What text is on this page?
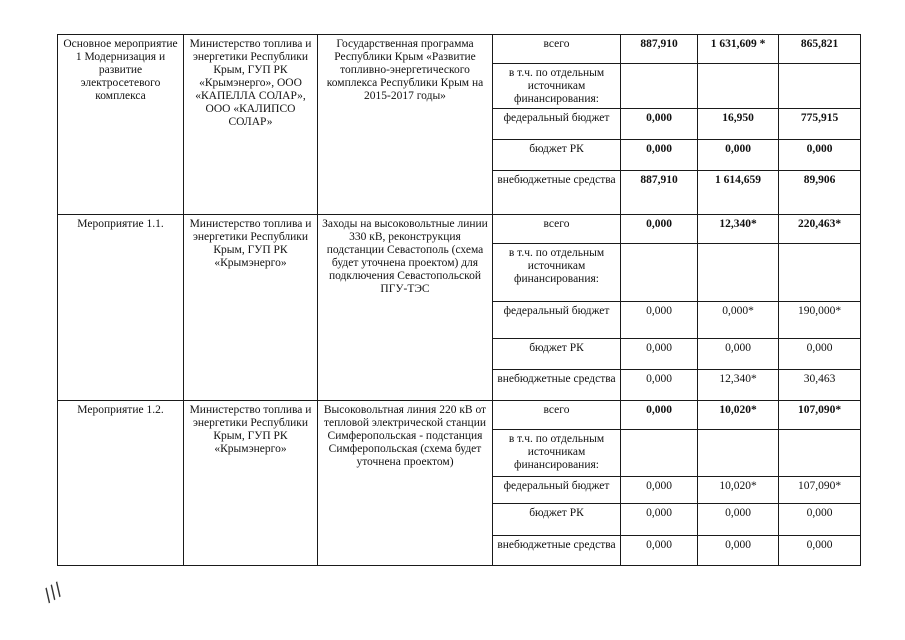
Основное мероприятие 1 Модернизация и развитие электросетевого комплекса	Министерство топлива и энергетики Республики Крым, ГУП РК «Крымэнерго», ООО «КАПЕЛЛА СОЛАР», ООО «КАЛИПСО СОЛАР»	Государственная программа Республики Крым «Развитие топливно-энергетического комплекса Республики Крым на 2015-2017 годы»	всего	887,910	1 631,609 *	865,821
			в т.ч. по отдельным источникам финансирования:			
			федеральный бюджет	0,000	16,950	775,915
			бюджет РК	0,000	0,000	0,000
			внебюджетные средства	887,910	1 614,659	89,906
Мероприятие 1.1.	Министерство топлива и энергетики Республики Крым, ГУП РК «Крымэнерго»	Заходы на высоковольтные линии 330 кВ, реконструкция подстанции Севастополь (схема будет уточнена проектом) для подключения Севастопольской ПГУ-ТЭС	всего	0,000	12,340*	220,463*
			в т.ч. по отдельным источникам финансирования:			
			федеральный бюджет	0,000	0,000*	190,000*
			бюджет РК	0,000	0,000	0,000
			внебюджетные средства	0,000	12,340*	30,463
Мероприятие 1.2.	Министерство топлива и энергетики Республики Крым, ГУП РК «Крымэнерго»	Высоковольтная линия 220 кВ от тепловой электрической станции Симферопольская - подстанция Симферопольская (схема будет уточнена проектом)	всего	0,000	10,020*	107,090*
			в т.ч. по отдельным источникам финансирования:			
			федеральный бюджет	0,000	10,020*	107,090*
			бюджет РК	0,000	0,000	0,000
			внебюджетные средства	0,000	0,000	0,000
///
